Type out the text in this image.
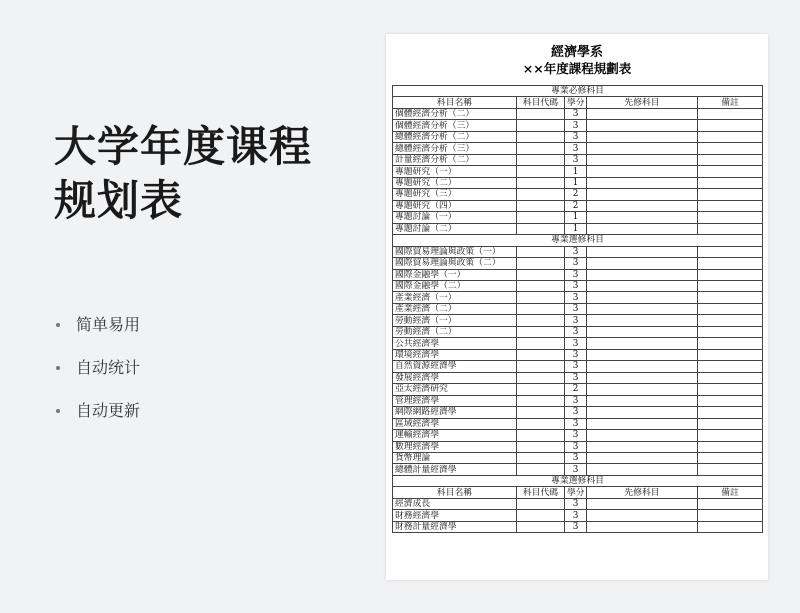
大学年度课程规划表
简单易用
自动统计
自动更新
經濟學系
××年度課程規劃表
專業必修科目				
科目名稱	科目代碼	學分	先修科目	備註
個體經濟分析（二）		3		
個體經濟分析（三）		3		
總體經濟分析（二）		3		
總體經濟分析（三）		3		
計量經濟分析（二）		3		
專題研究（一）		1		
專題研究（二）		1		
專題研究（三）		2		
專題研究（四）		2		
專題討論（一）		1		
專題討論（二）		1		
專業選修科目				
國際貿易理論與政策（一）		3		
國際貿易理論與政策（二）		3		
國際金融學（一）		3		
國際金融學（二）		3		
產業經濟（一）		3		
產業經濟（二）		3		
勞動經濟（一）		3		
勞動經濟（二）		3		
公共經濟學		3		
環境經濟學		3		
自然資源經濟學		3		
發展經濟學		3		
亞太經濟研究		2		
管理經濟學		3		
網際網路經濟學		3		
區域經濟學		3		
運輸經濟學		3		
數理經濟學		3		
貨幣理論		3		
總體計量經濟學		3		
專業選修科目				
科目名稱	科目代碼	學分	先修科目	備註
經濟成長		3		
財務經濟學		3		
財務計量經濟學		3		
